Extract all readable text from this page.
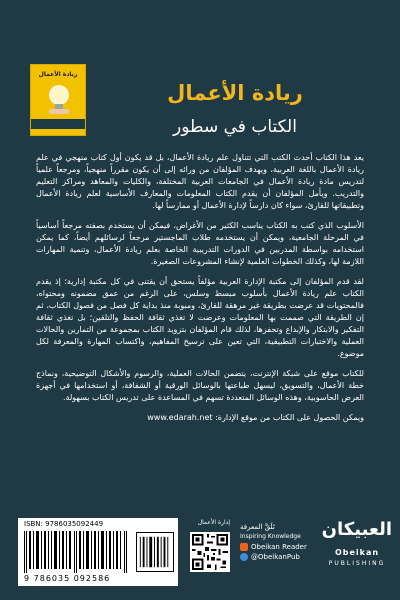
ريادة الأعمال
ريادة الأعمال
الكتاب في سطور

يعد هذا الكتاب أحدث الكتب التي تتناول علم ريادة الأعمال، بل قد يكون أول كتاب منهجي في علم ريادة الأعمال باللغة العربية، ويهدف المؤلفان من ورائه إلى أن يكون مقرراً منهجياً، ومرجعاً علمياً لتدريس مادة ريادة الأعمال في الجامعات العربية المختلفة، والكليات والمعاهد ومراكز التعليم والتدريب. ويأمل المؤلفان أن يقدم الكتاب المعلومات والمعارف الأساسية لعلم ريادة الأعمال وتطبيقاتها للقارئ، سواء كان دارساً لإدارة الأعمال أو ممارساً لها.

الأسلوب الذي كتب به الكتاب يناسب الكثير من الأغراض، فيمكن أن يستخدم بصفته مرجعاً أساسياً في المرحلة الجامعية، ويمكن أن يستخدمه طلاب الماجستير مرجعاً لرسائلهم أيضاً، كما يمكن استخدامه بواسطة المدربين في الدورات التدريبية الخاصة بعلم ريادة الأعمال، وتنمية المهارات اللازمة لها، وكذلك الخطوات العلمية لإنشاء المشروعات الصغيرة.

لقد قدم المؤلفان إلى مكتبة الإدارة العربية مؤلفاً يستحق أن يقتنى في كل مكتبة إدارية؛ إذ يقدم الكتاب علم ريادة الأعمال بأسلوب مبسط وسلس، على الرغم من عمق مضمونه ومحتواه، فالمحتويات قد عرضت بطريقة غير مرهقة للقارئ، ومبوبة منذ بداية كل فصل من فصول الكتاب، ثم إن الطريقة التي صممت بها المعلومات وعرضت لا تغذي ثقافة الحفظ والتلقين؛ بل تغذي ثقافة التفكير والابتكار والإبداع وتحفزها، لذلك قام المؤلفان بتزويد الكتاب بمجموعة من التمارين والحالات العملية والاختبارات التطبيقية، التي تعين على ترسيخ المفاهيم، واكتساب المهارة والمعرفة لكل موضوع.

للكتاب موقع على شبكة الإنترنت، يتضمن الحالات العملية، والرسوم والأشكال التوضيحية، ونماذج خطة الأعمال، والتسويق، ليسهل طباعتها بالوسائل الورقية أو الشفافة، أو استخدامها في أجهزة العرض الحاسوبية، وهذه الوسائل المتعددة تسهم في المساعدة على تدريس الكتاب بسهولة.

ويمكن الحصول على الكتاب من موقع الإدارة: www.edarah.net

ISBN: 9786035092449
9 786035 092586
إدارة الأعمال
تَلَقَّ المعرفة
Inspiring Knowledge
Obeikan Reader
@ObeikanPub
العبيكان
Obeikan
PUBLISHING
